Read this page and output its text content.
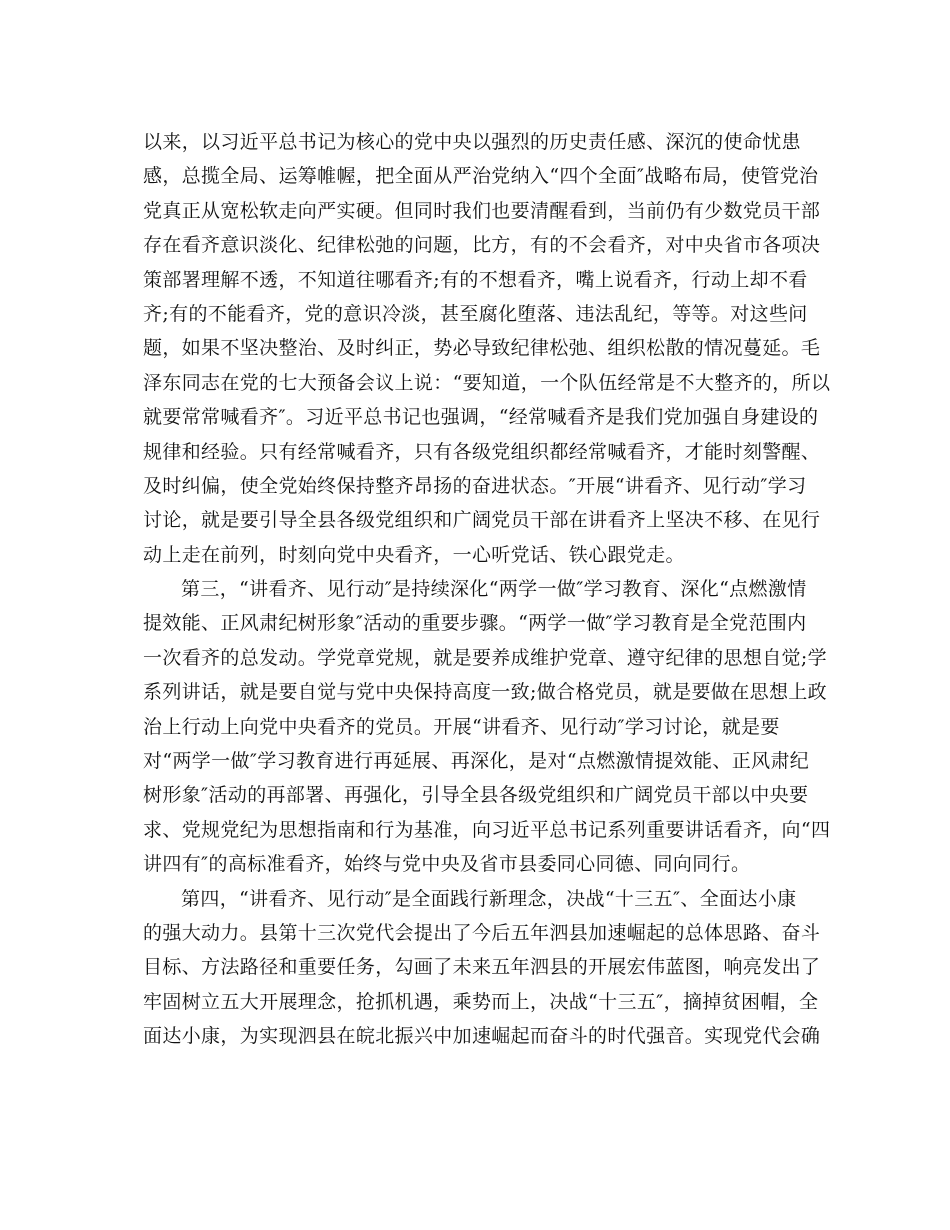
以来，以习近平总书记为核心的党中央以强烈的历史责任感、深沉的使命忧患
感，总揽全局、运筹帷幄，把全面从严治党纳入“四个全面″战略布局，使管党治
党真正从宽松软走向严实硬。但同时我们也要清醒看到，当前仍有少数党员干部
存在看齐意识淡化、纪律松弛的问题，比方，有的不会看齐，对中央省市各项决
策部署理解不透，不知道往哪看齐;有的不想看齐，嘴上说看齐，行动上却不看
齐;有的不能看齐，党的意识冷淡，甚至腐化堕落、违法乱纪，等等。对这些问
题，如果不坚决整治、及时纠正，势必导致纪律松弛、组织松散的情况蔓延。毛
泽东同志在党的七大预备会议上说：“要知道，一个队伍经常是不大整齐的，所以
就要常常喊看齐″。习近平总书记也强调，“经常喊看齐是我们党加强自身建设的
规律和经验。只有经常喊看齐，只有各级党组织都经常喊看齐，才能时刻警醒、
及时纠偏，使全党始终保持整齐昂扬的奋进状态。″开展“讲看齐、见行动″学习
讨论，就是要引导全县各级党组织和广阔党员干部在讲看齐上坚决不移、在见行
动上走在前列，时刻向党中央看齐，一心听党话、铁心跟党走。
第三，“讲看齐、见行动″是持续深化“两学一做″学习教育、深化“点燃激情
提效能、正风肃纪树形象″活动的重要步骤。“两学一做″学习教育是全党范围内
一次看齐的总发动。学党章党规，就是要养成维护党章、遵守纪律的思想自觉;学
系列讲话，就是要自觉与党中央保持高度一致;做合格党员，就是要做在思想上政
治上行动上向党中央看齐的党员。开展“讲看齐、见行动″学习讨论，就是要
对“两学一做″学习教育进行再延展、再深化，是对“点燃激情提效能、正风肃纪
树形象″活动的再部署、再强化，引导全县各级党组织和广阔党员干部以中央要
求、党规党纪为思想指南和行为基准，向习近平总书记系列重要讲话看齐，向“四
讲四有″的高标准看齐，始终与党中央及省市县委同心同德、同向同行。
第四，“讲看齐、见行动″是全面践行新理念，决战“十三五″、全面达小康
的强大动力。县第十三次党代会提出了今后五年泗县加速崛起的总体思路、奋斗
目标、方法路径和重要任务，勾画了未来五年泗县的开展宏伟蓝图，响亮发出了
牢固树立五大开展理念，抢抓机遇，乘势而上，决战“十三五″，摘掉贫困帽，全
面达小康，为实现泗县在皖北振兴中加速崛起而奋斗的时代强音。实现党代会确
